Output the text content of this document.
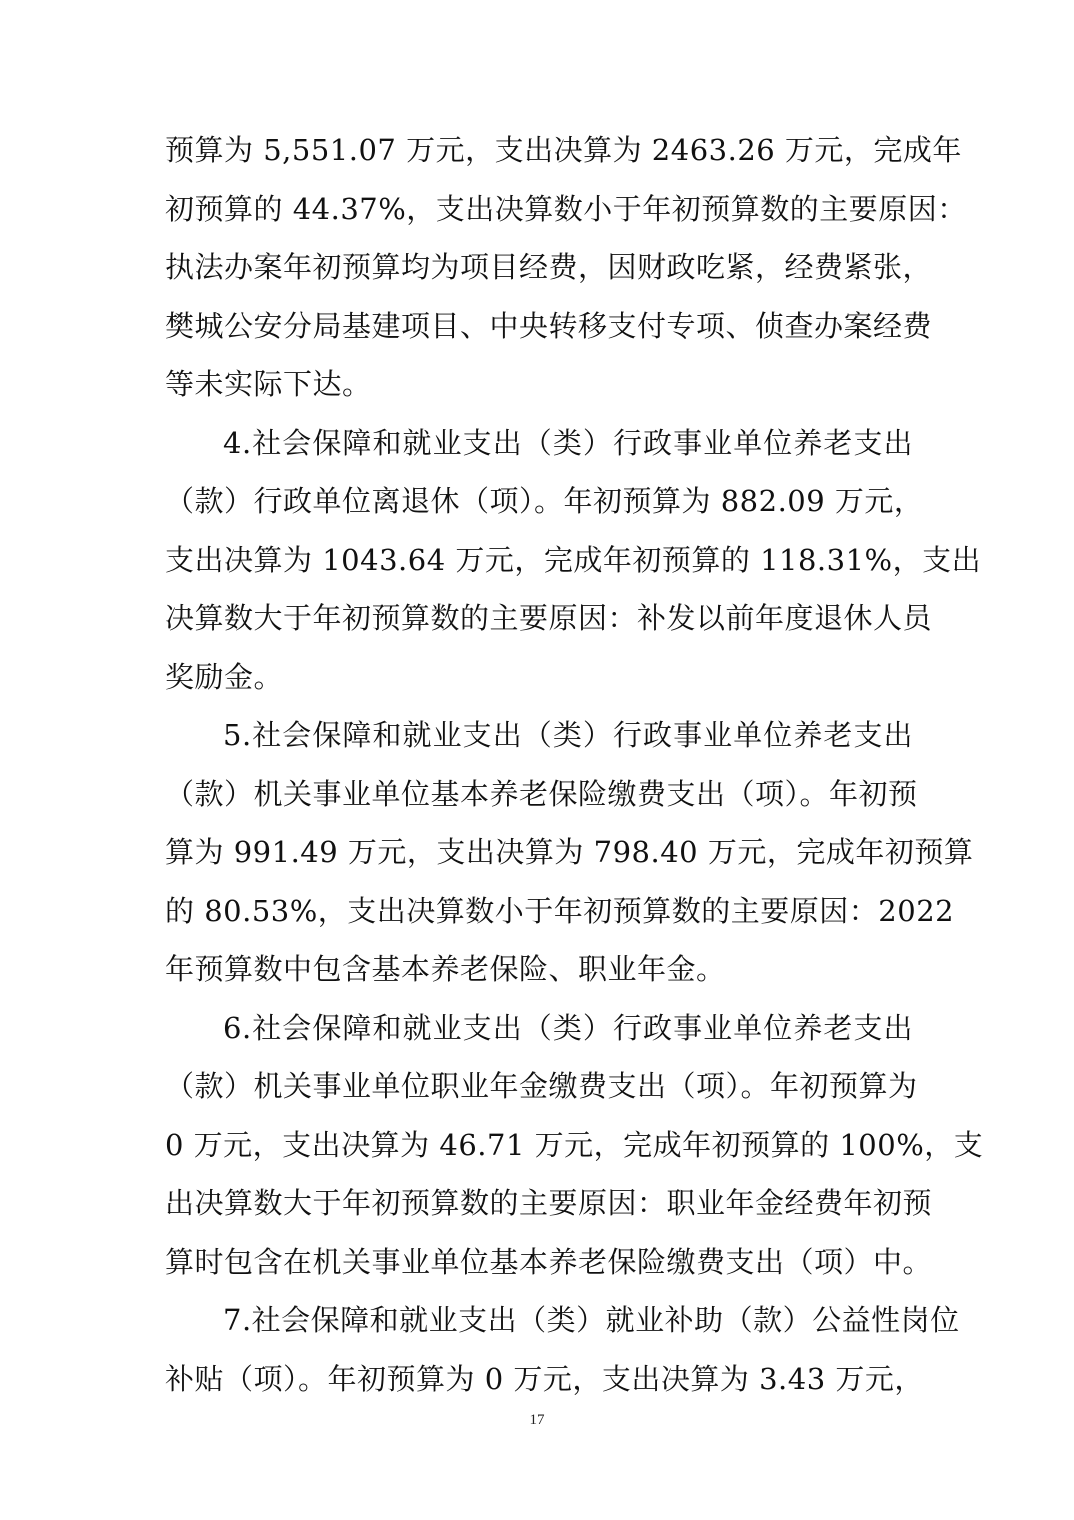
预算为 5,551.07 万元，支出决算为 2463.26 万元，完成年
初预算的 44.37%，支出决算数小于年初预算数的主要原因：
执法办案年初预算均为项目经费，因财政吃紧，经费紧张，
樊城公安分局基建项目、中央转移支付专项、侦查办案经费
等未实际下达。
4.社会保障和就业支出（类）行政事业单位养老支出
（款）行政单位离退休（项）。年初预算为 882.09 万元，
支出决算为 1043.64 万元，完成年初预算的 118.31%，支出
决算数大于年初预算数的主要原因：补发以前年度退休人员
奖励金。
5.社会保障和就业支出（类）行政事业单位养老支出
（款）机关事业单位基本养老保险缴费支出（项）。年初预
算为 991.49 万元，支出决算为 798.40 万元，完成年初预算
的 80.53%，支出决算数小于年初预算数的主要原因：2022
年预算数中包含基本养老保险、职业年金。
6.社会保障和就业支出（类）行政事业单位养老支出
（款）机关事业单位职业年金缴费支出（项）。年初预算为
0 万元，支出决算为 46.71 万元，完成年初预算的 100%，支
出决算数大于年初预算数的主要原因：职业年金经费年初预
算时包含在机关事业单位基本养老保险缴费支出（项）中。
7.社会保障和就业支出（类）就业补助（款）公益性岗位
补贴（项）。年初预算为 0 万元，支出决算为 3.43 万元，
17
